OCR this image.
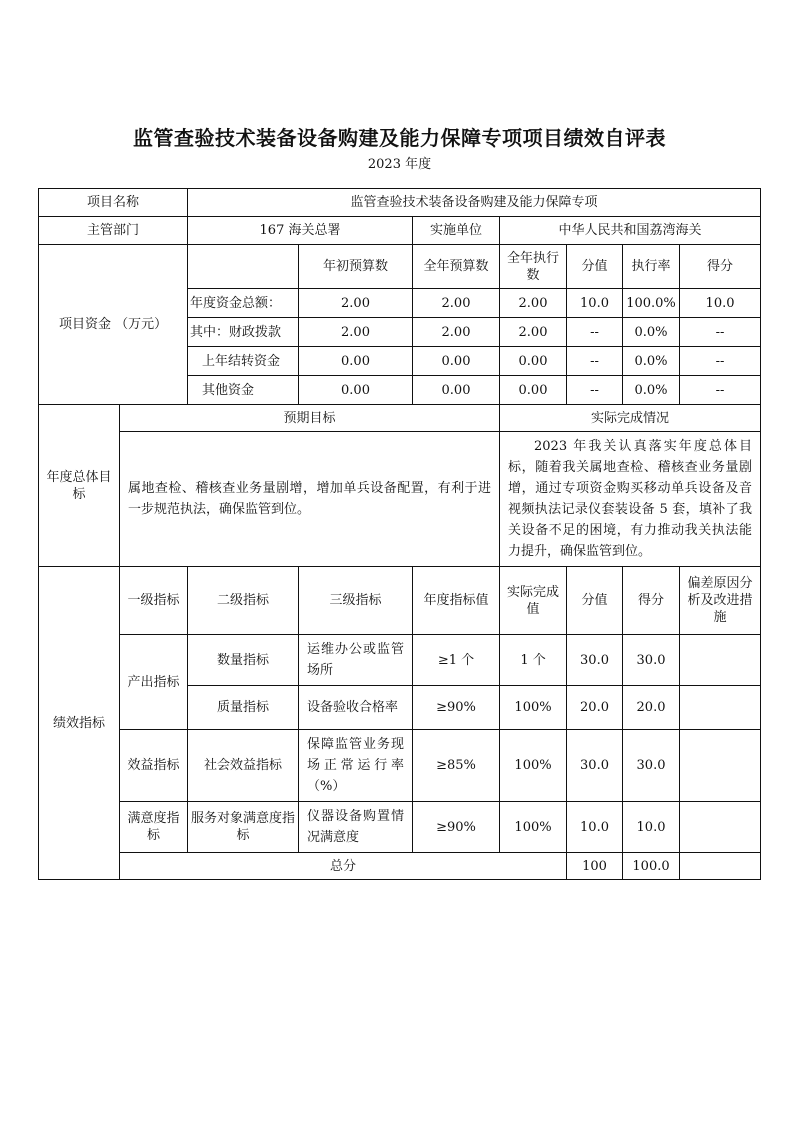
监管查验技术装备设备购建及能力保障专项项目绩效自评表
2023 年度
项目名称		监管查验技术装备设备购建及能力保障专项						
主管部门		167 海关总署		实施单位	中华人民共和国荔湾海关			
项目资金 （万元）			年初预算数	全年预算数	全年执行数	分值	执行率	得分
		年度资金总额：	2.00	2.00	2.00	10.0	100.0%	10.0
		其中：财政拨款	2.00	2.00	2.00	--	0.0%	--
		上年结转资金	0.00	0.00	0.00	--	0.0%	--
		其他资金	0.00	0.00	0.00	--	0.0%	--
年度总体目标	预期目标				实际完成情况			
	属地查检、稽核查业务量剧增，增加单兵设备配置，有利于进一步规范执法，确保监管到位。				2023 年我关认真落实年度总体目标，随着我关属地查检、稽核查业务量剧增，通过专项资金购买移动单兵设备及音视频执法记录仪套装设备 5 套，填补了我关设备不足的困境，有力推动我关执法能力提升，确保监管到位。			
绩效指标	一级指标	二级指标	三级指标	年度指标值	实际完成值	分值	得分	偏差原因分析及改进措施
	产出指标	数量指标	运维办公或监管场所	≥1 个	1 个	30.0	30.0	
		质量指标	设备验收合格率	≥90%	100%	20.0	20.0	
	效益指标	社会效益指标	保障监管业务现场正常运行率（%）	≥85%	100%	30.0	30.0	
	满意度指标	服务对象满意度指标	仪器设备购置情况满意度	≥90%	100%	10.0	10.0	
	总分					100	100.0	
